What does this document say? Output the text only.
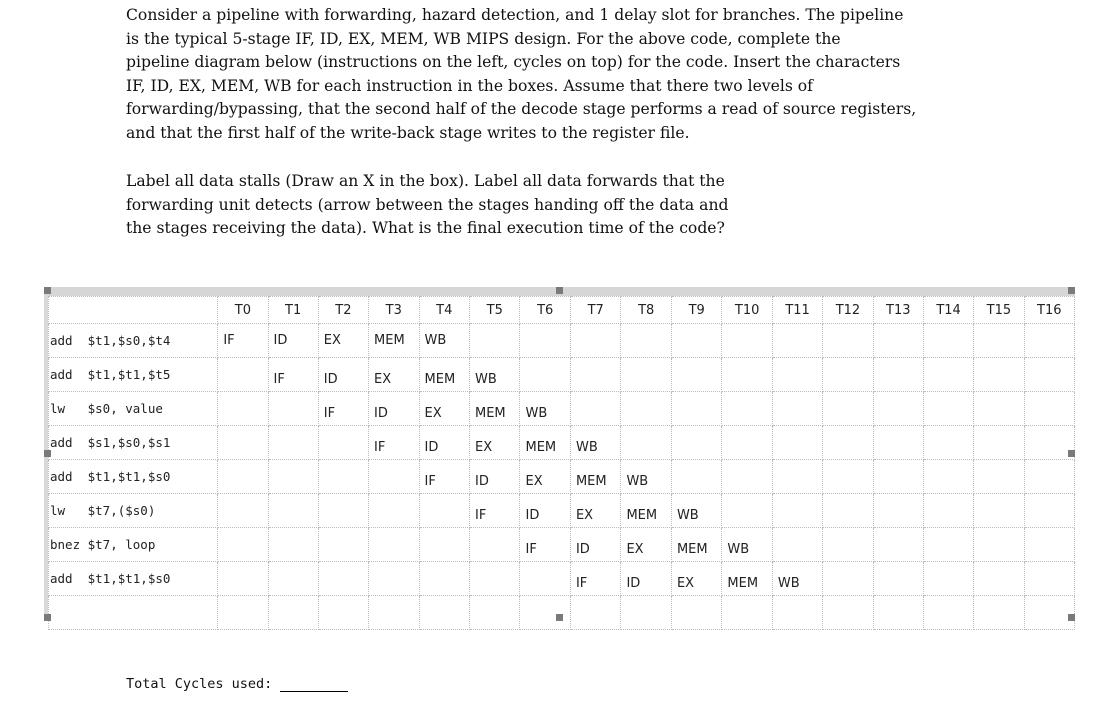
Consider a pipeline with forwarding, hazard detection, and 1 delay slot for branches. The pipeline
is the typical 5-stage IF, ID, EX, MEM, WB MIPS design. For the above code, complete the
pipeline diagram below (instructions on the left, cycles on top) for the code. Insert the characters
IF, ID, EX, MEM, WB for each instruction in the boxes. Assume that there two levels of
forwarding/bypassing, that the second half of the decode stage performs a read of source registers,
and that the first half of the write-back stage writes to the register file.
Label all data stalls (Draw an X in the box). Label all data forwards that the
forwarding unit detects (arrow between the stages handing off the data and
the stages receiving the data). What is the final execution time of the code?
	T0	T1	T2	T3	T4	T5	T6	T7	T8	T9	T10	T11	T12	T13	T14	T15	T16
add  $t1,$s0,$t4	IF	ID	EX	MEM	WB												
add  $t1,$t1,$t5		IF	ID	EX	MEM	WB											
lw   $s0, value			IF	ID	EX	MEM	WB										
add  $s1,$s0,$s1				IF	ID	EX	MEM	WB									
add  $t1,$t1,$s0					IF	ID	EX	MEM	WB								
lw   $t7,($s0)						IF	ID	EX	MEM	WB							
bnez $t7, loop							IF	ID	EX	MEM	WB						
add  $t1,$t1,$s0								IF	ID	EX	MEM	WB					

Total Cycles used:
